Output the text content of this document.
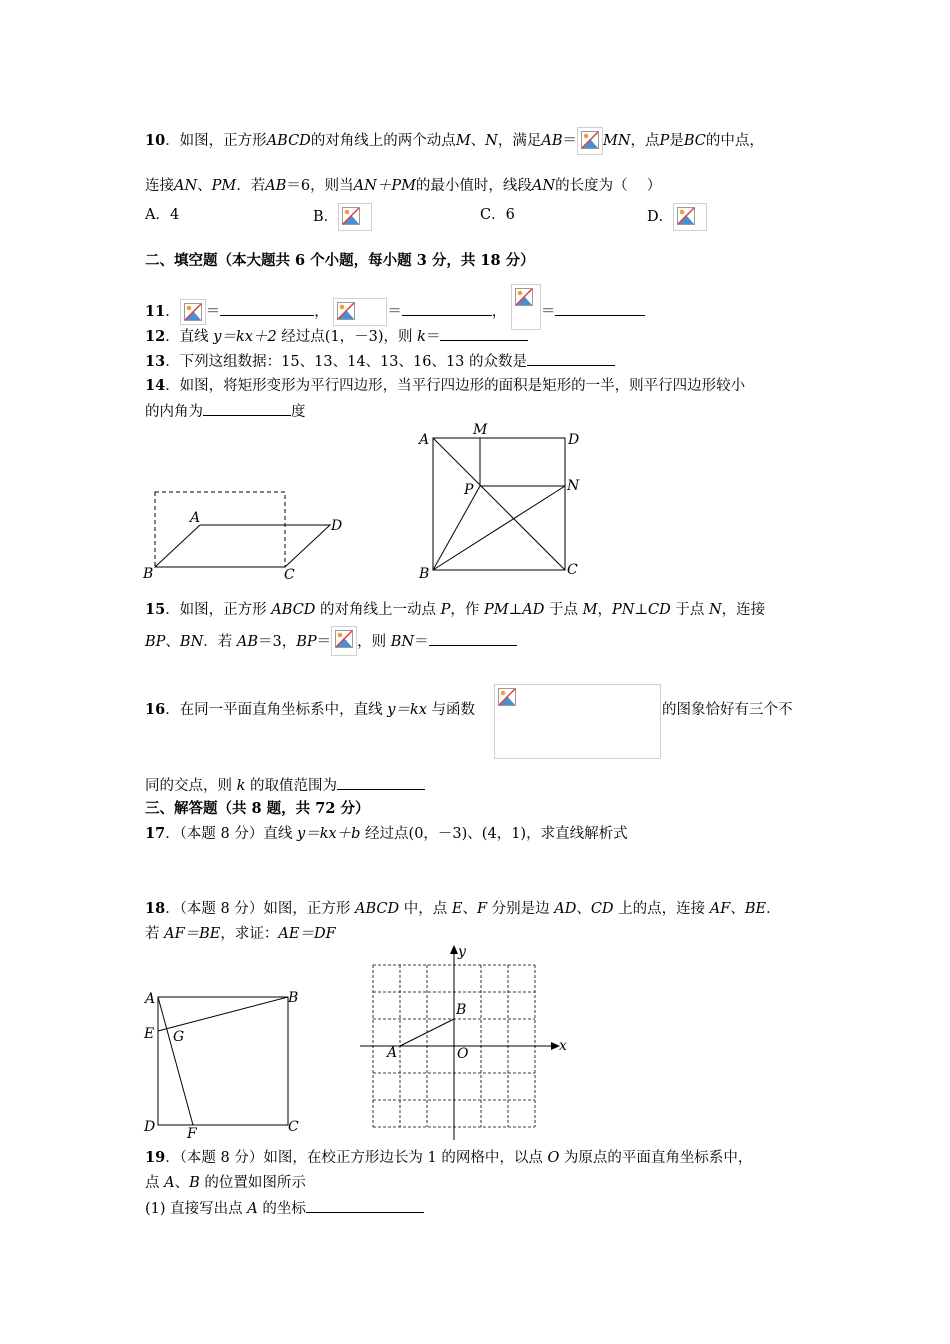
10．如图，正方形ABCD的对角线上的两个动点M、N，满足AB＝ MN，点P是BC的中点，
连接AN、PM．若AB＝6，则当AN＋PM的最小值时，线段AN的长度为（　 ）
A．4	B．	C．6	D．
二、填空题（本大题共 6 个小题，每小题 3 分，共 18 分）
11． ＝	，	＝	， ＝
12．直线 y＝kx＋2 经过点(1，－3)，则 k＝
13．下列这组数据：15、13、14、13、16、13 的众数是
14．如图，将矩形变形为平行四边形，当平行四边形的面积是矩形的一半，则平行四边形较小
的内角为	度
A
B	C
D
A
M
D
P	N
B	C
15．如图，正方形 ABCD 的对角线上一动点 P，作 PM⊥AD 于点 M，PN⊥CD 于点 N，连接
BP、BN．若 AB＝3，BP＝ ，则 BN＝
16．在同一平面直角坐标系中，直线 y＝kx 与函数	的图象恰好有三个不
同的交点，则 k 的取值范围为
三、解答题（共 8 题，共 72 分）
17．（本题 8 分）直线 y＝kx＋b 经过点(0，－3)、(4，1)，求直线解析式
18．（本题 8 分）如图，正方形 ABCD 中，点 E、F 分别是边 AD、CD 上的点，连接 AF、BE．
若 AF＝BE，求证：AE＝DF
A	B
E G
D F	C
y
x
B
A	O
19．（本题 8 分）如图，在校正方形边长为 1 的网格中，以点 O 为原点的平面直角坐标系中，
点 A、B 的位置如图所示
(1) 直接写出点 A 的坐标
